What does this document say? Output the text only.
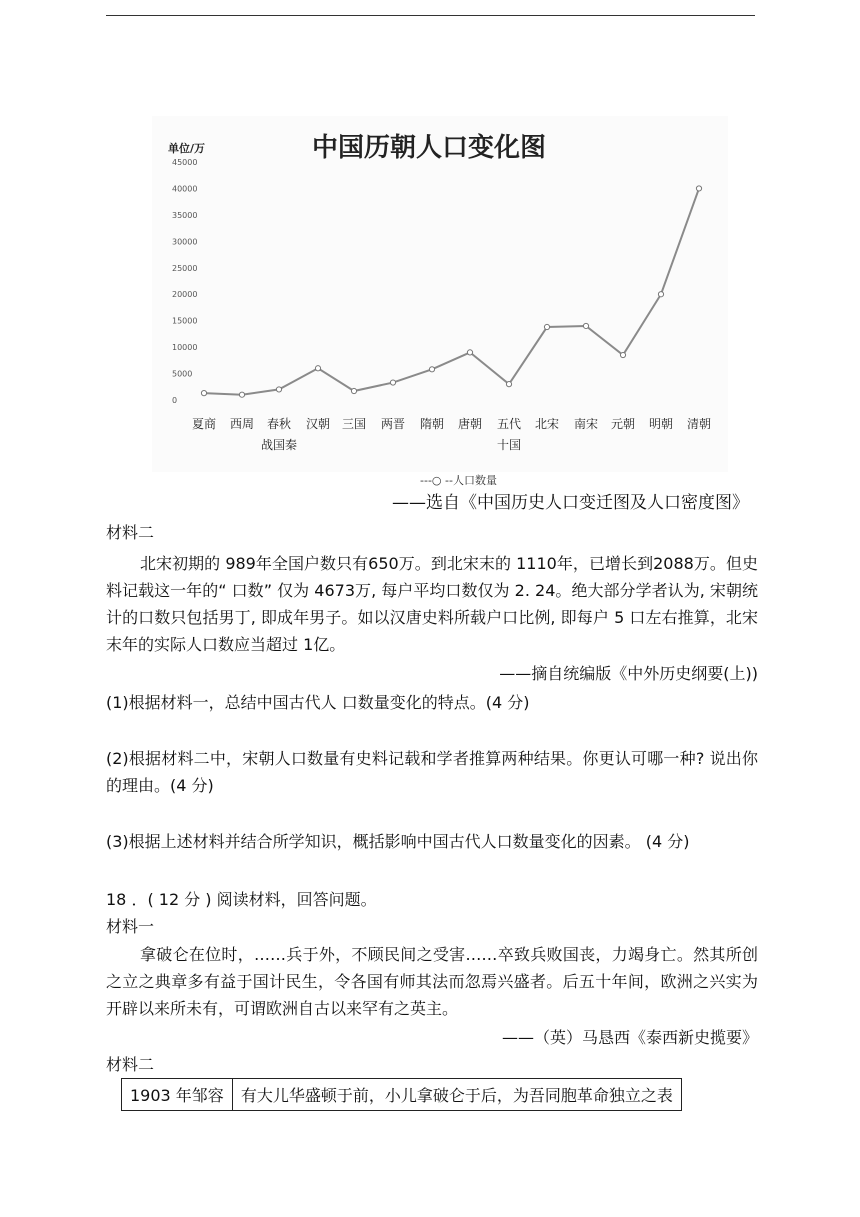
中国历朝人口变化图
单位/万
0
5000
10000
15000
20000
25000
30000
35000
40000
45000
夏商 西周 春秋
战国秦
汉朝 三国 两晋 隋朝 唐朝 五代
十国
北宋 南宋 元朝 明朝 清朝
---○ --人口数量
——选自《中国历史人口变迁图及人口密度图》
材料二
北宋初期的 989年全国户数只有650万。到北宋末的 1110年，已增长到2088万。但史料记载这一年的“ 口数” 仅为 4673万, 每户平均口数仅为 2. 24。绝大部分学者认为, 宋朝统计的口数只包括男丁, 即成年男子。如以汉唐史料所载户口比例, 即每户 5 口左右推算，北宋末年的实际人口数应当超过 1亿。
——摘自统编版《中外历史纲要(上))
(1)根据材料一，总结中国古代人 口数量变化的特点。(4 分)
(2)根据材料二中，宋朝人口数量有史料记载和学者推算两种结果。你更认可哪一种? 说出你的理由。(4 分)
(3)根据上述材料并结合所学知识，概括影响中国古代人口数量变化的因素。 (4 分)
18 ．( 12 分 ) 阅读材料，回答问题。
材料一
拿破仑在位时，……兵于外，不顾民间之受害……卒致兵败国丧，力竭身亡。然其所创之立之典章多有益于国计民生，令各国有师其法而忽焉兴盛者。后五十年间，欧洲之兴实为开辟以来所未有，可谓欧洲自古以来罕有之英主。
——（英）马恳西《泰西新史揽要》
材料二
1903 年邹容	有大儿华盛顿于前，小儿拿破仑于后，为吾同胞革命独立之表
